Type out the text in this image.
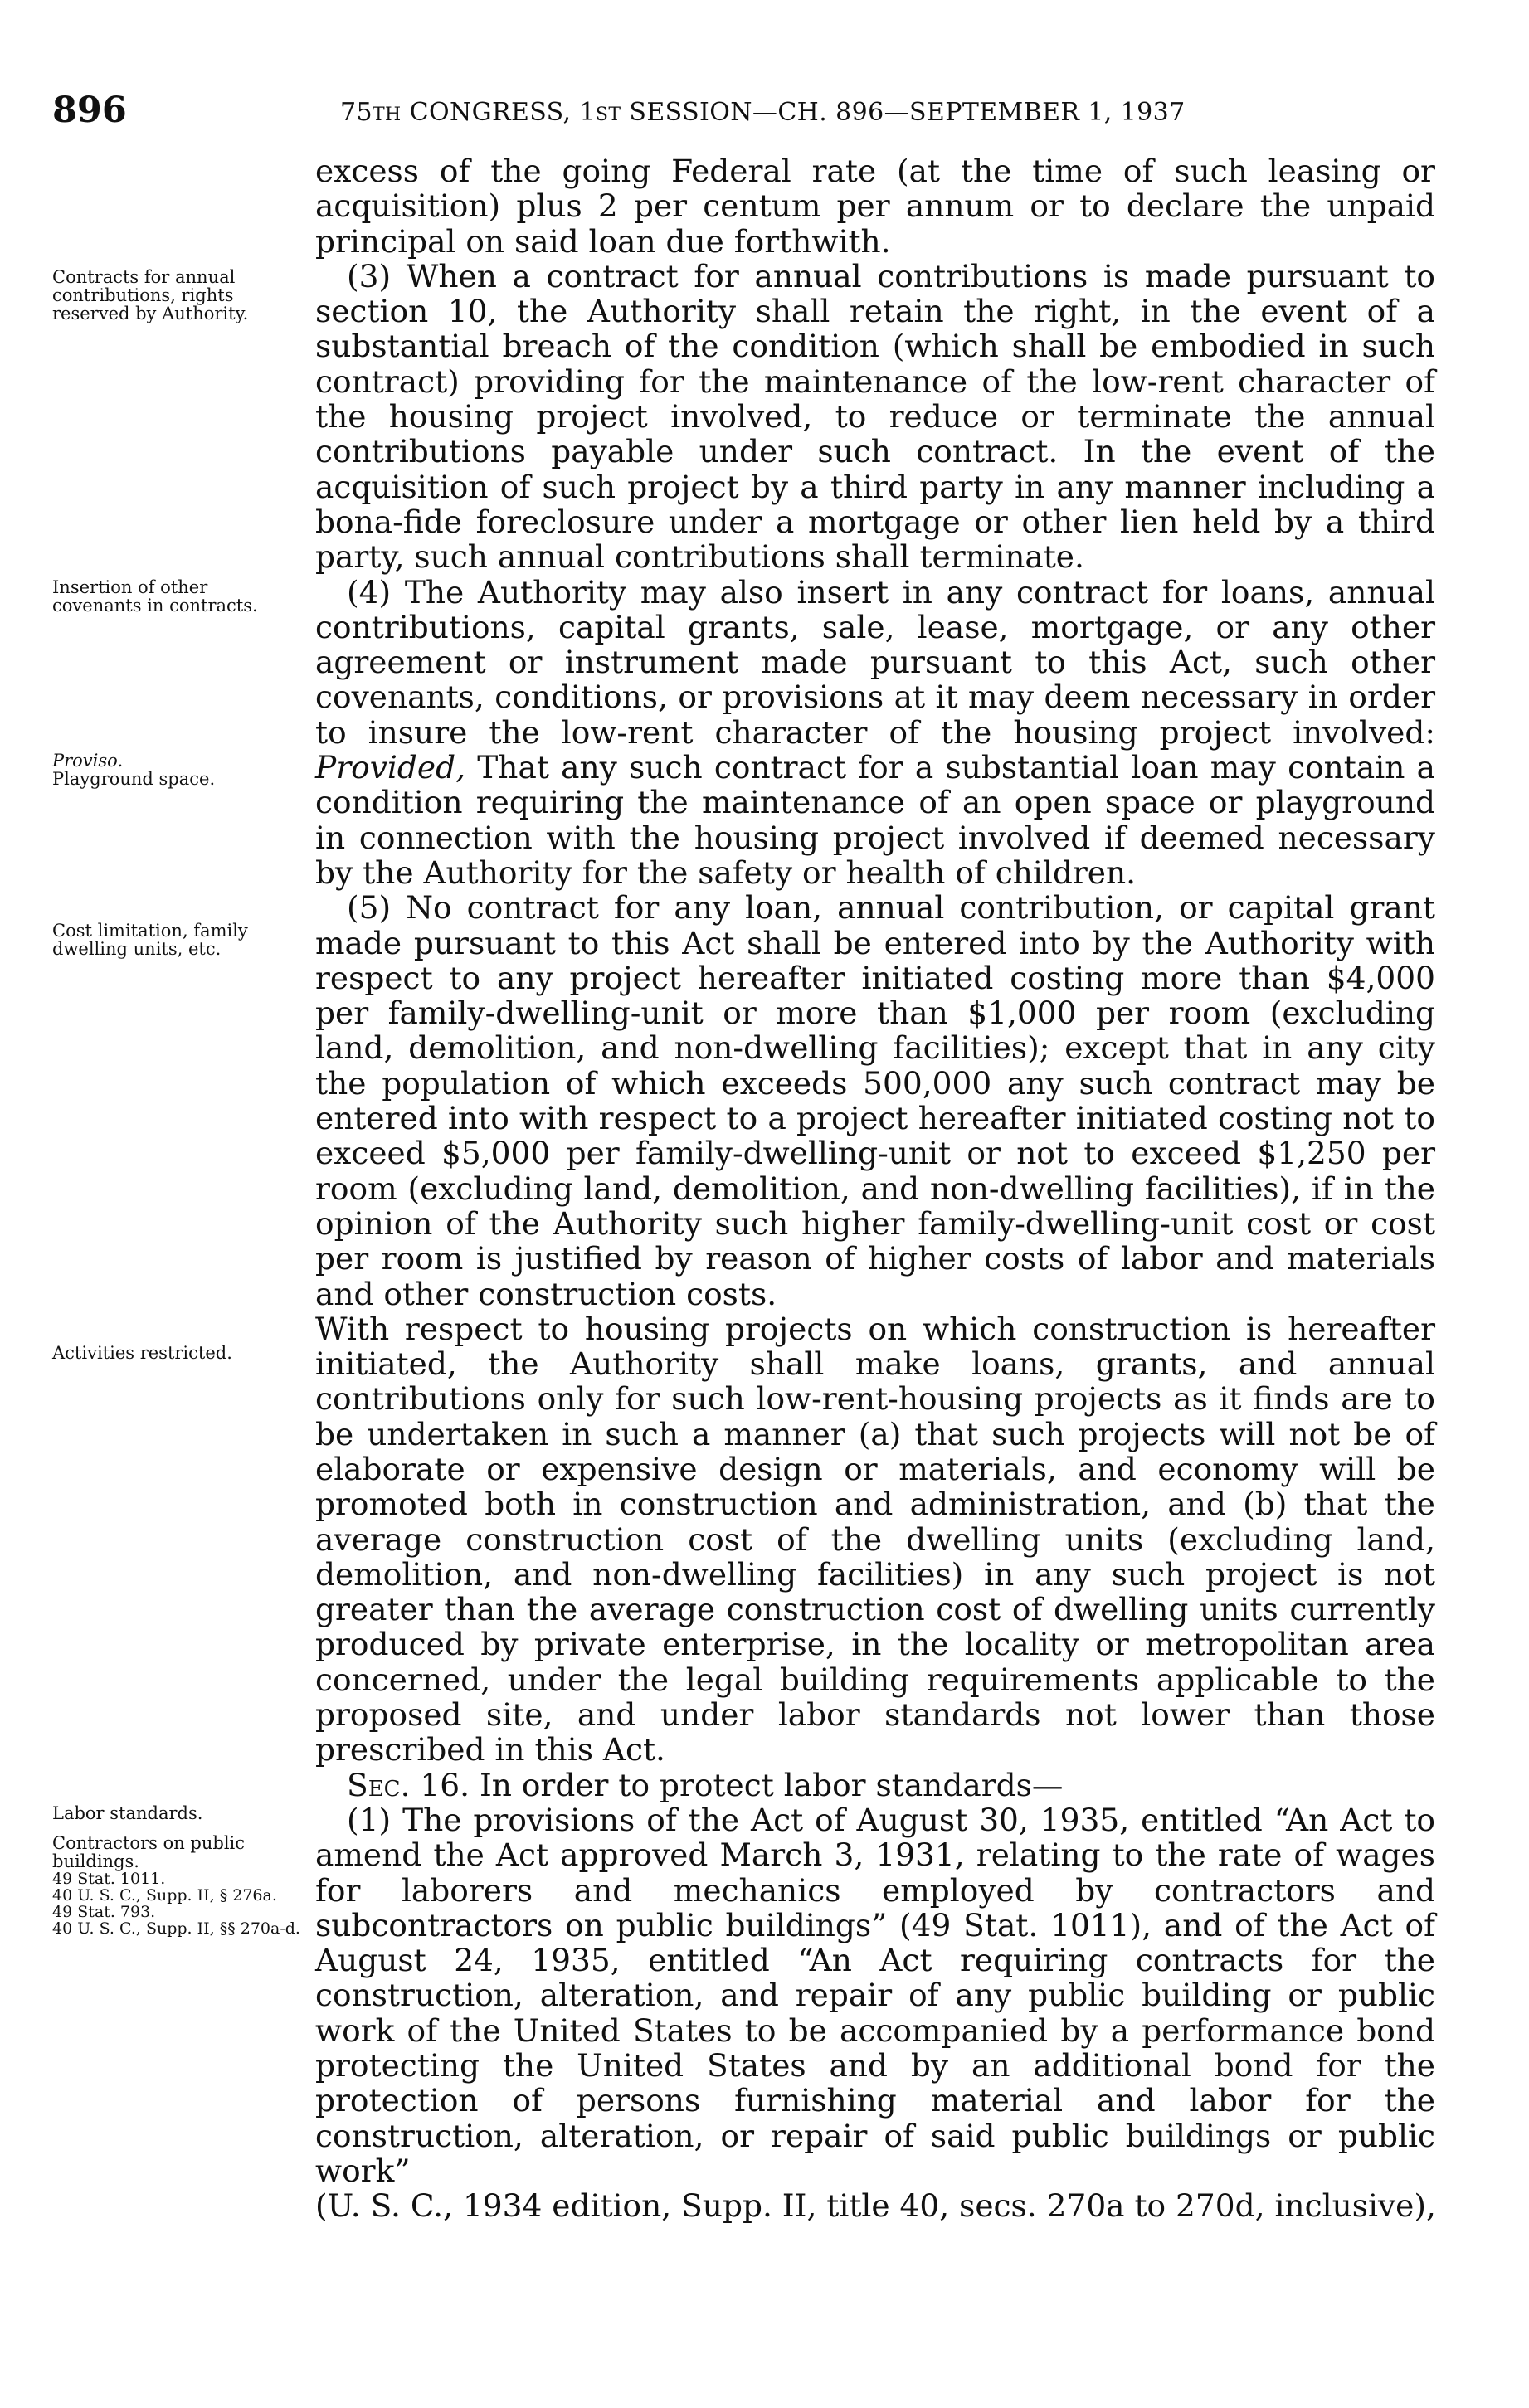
896	75TH CONGRESS, 1ST SESSION—CH. 896—SEPTEMBER 1, 1937
Contracts for annual contributions, rights reserved by Authority.
Insertion of other covenants in contracts.
Proviso.
Playground space.
Cost limitation, family dwelling units, etc.
Activities restricted.
Labor standards.
Contractors on public buildings.
49 Stat. 1011.
40 U. S. C., Supp. II, § 276a.
49 Stat. 793.
40 U. S. C., Supp. II, §§ 270a-d.

excess of the going Federal rate (at the time of such leasing or acquisition) plus 2 per centum per annum or to declare the unpaid principal on said loan due forthwith.

(3) When a contract for annual contributions is made pursuant to section 10, the Authority shall retain the right, in the event of a substantial breach of the condition (which shall be embodied in such contract) providing for the maintenance of the low-rent character of the housing project involved, to reduce or terminate the annual contributions payable under such contract. In the event of the acquisition of such project by a third party in any manner including a bona-fide foreclosure under a mortgage or other lien held by a third party, such annual contributions shall terminate.

(4) The Authority may also insert in any contract for loans, annual contributions, capital grants, sale, lease, mortgage, or any other agreement or instrument made pursuant to this Act, such other covenants, conditions, or provisions at it may deem necessary in order to insure the low-rent character of the housing project involved: Provided, That any such contract for a substantial loan may contain a condition requiring the maintenance of an open space or playground in connection with the housing project involved if deemed necessary by the Authority for the safety or health of children.

(5) No contract for any loan, annual contribution, or capital grant made pursuant to this Act shall be entered into by the Authority with respect to any project hereafter initiated costing more than $4,000 per family-dwelling-unit or more than $1,000 per room (excluding land, demolition, and non-dwelling facilities); except that in any city the population of which exceeds 500,000 any such contract may be entered into with respect to a project hereafter initiated costing not to exceed $5,000 per family-dwelling-unit or not to exceed $1,250 per room (excluding land, demolition, and non-dwelling facilities), if in the opinion of the Authority such higher family-dwelling-unit cost or cost per room is justified by reason of higher costs of labor and materials and other construction costs.

With respect to housing projects on which construction is hereafter initiated, the Authority shall make loans, grants, and annual contributions only for such low-rent-housing projects as it finds are to be undertaken in such a manner (a) that such projects will not be of elaborate or expensive design or materials, and economy will be promoted both in construction and administration, and (b) that the average construction cost of the dwelling units (excluding land, demolition, and non-dwelling facilities) in any such project is not greater than the average construction cost of dwelling units currently produced by private enterprise, in the locality or metropolitan area concerned, under the legal building requirements applicable to the proposed site, and under labor standards not lower than those prescribed in this Act.

Sec. 16. In order to protect labor standards—

(1) The provisions of the Act of August 30, 1935, entitled “An Act to amend the Act approved March 3, 1931, relating to the rate of wages for laborers and mechanics employed by contractors and subcontractors on public buildings” (49 Stat. 1011), and of the Act of August 24, 1935, entitled “An Act requiring contracts for the construction, alteration, and repair of any public building or public work of the United States to be accompanied by a performance bond protecting the United States and by an additional bond for the protection of persons furnishing material and labor for the construction, alteration, or repair of said public buildings or public work” (U. S. C., 1934 edition, Supp. II, title 40, secs. 270a to 270d, inclusive),
